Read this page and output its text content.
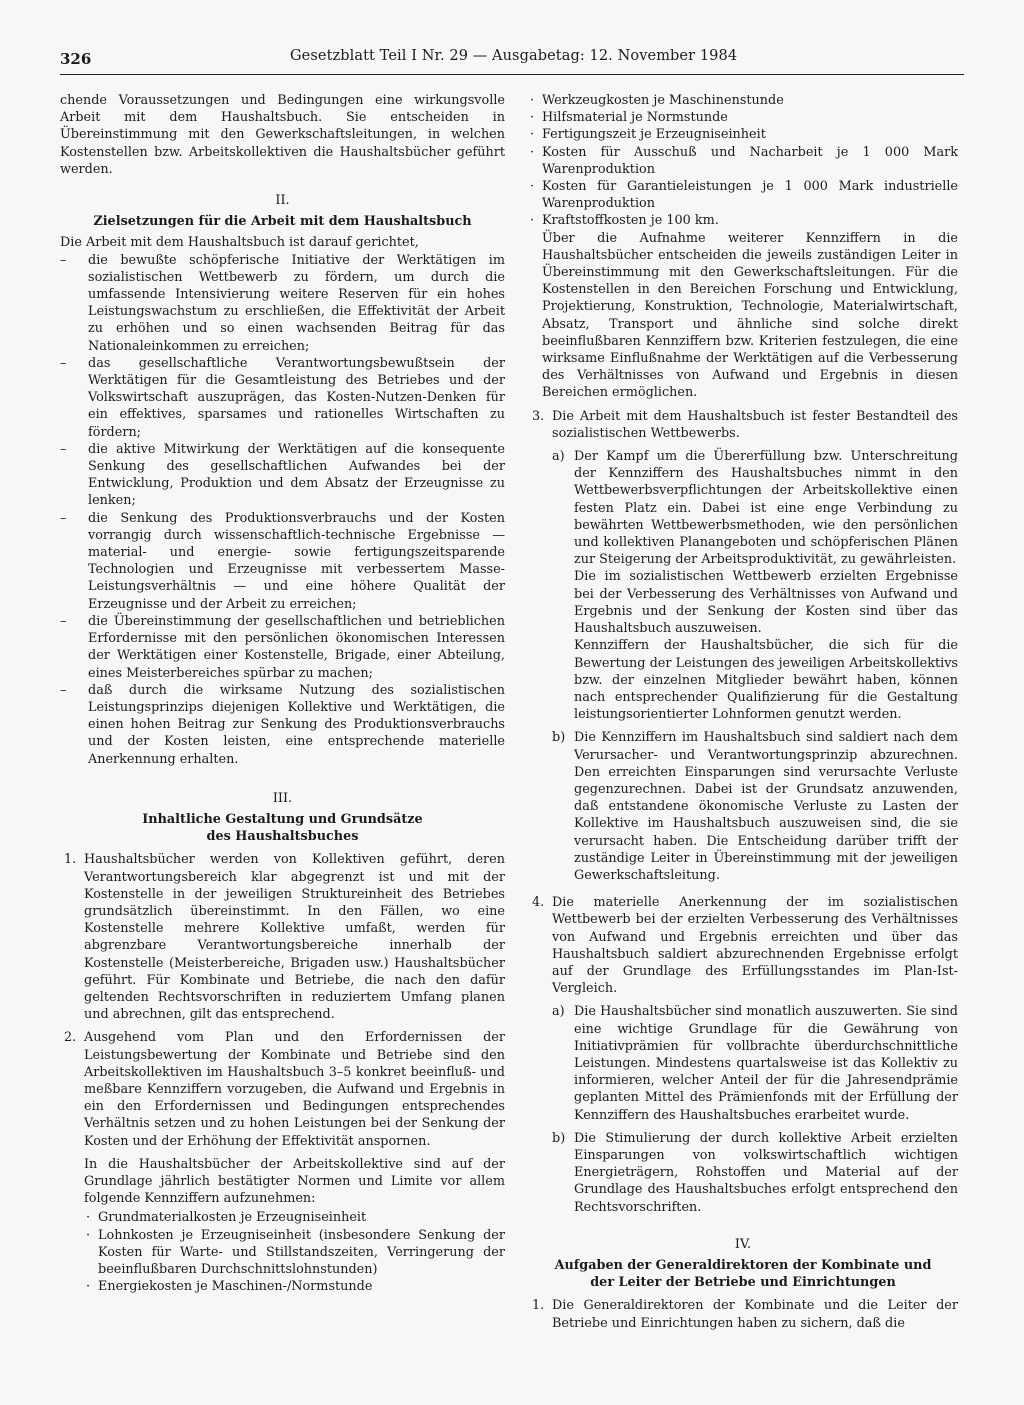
326	Gesetzblatt Teil I Nr. 29 — Ausgabetag: 12. November 1984

chende Voraussetzungen und Bedingungen eine wirkungsvolle Arbeit mit dem Haushaltsbuch. Sie entscheiden in Übereinstimmung mit den Gewerkschaftsleitungen, in welchen Kostenstellen bzw. Arbeitskollektiven die Haushaltsbücher geführt werden.

II.

Zielsetzungen für die Arbeit mit dem Haushaltsbuch

Die Arbeit mit dem Haushaltsbuch ist darauf gerichtet,

– die bewußte schöpferische Initiative der Werktätigen im sozialistischen Wettbewerb zu fördern, um durch die umfassende Intensivierung weitere Reserven für ein hohes Leistungswachstum zu erschließen, die Effektivität der Arbeit zu erhöhen und so einen wachsenden Beitrag für das Nationaleinkommen zu erreichen;
– das gesellschaftliche Verantwortungsbewußtsein der Werktätigen für die Gesamtleistung des Betriebes und der Volkswirtschaft auszuprägen, das Kosten-Nutzen-Denken für ein effektives, sparsames und rationelles Wirtschaften zu fördern;
– die aktive Mitwirkung der Werktätigen auf die konsequente Senkung des gesellschaftlichen Aufwandes bei der Entwicklung, Produktion und dem Absatz der Erzeugnisse zu lenken;
– die Senkung des Produktionsverbrauchs und der Kosten vorrangig durch wissenschaftlich-technische Ergebnisse — material- und energie- sowie fertigungszeitsparende Technologien und Erzeugnisse mit verbessertem Masse-Leistungsverhältnis — und eine höhere Qualität der Erzeugnisse und der Arbeit zu erreichen;
– die Übereinstimmung der gesellschaftlichen und betrieblichen Erfordernisse mit den persönlichen ökonomischen Interessen der Werktätigen einer Kostenstelle, Brigade, einer Abteilung, eines Meisterbereiches spürbar zu machen;
– daß durch die wirksame Nutzung des sozialistischen Leistungsprinzips diejenigen Kollektive und Werktätigen, die einen hohen Beitrag zur Senkung des Produktionsverbrauchs und der Kosten leisten, eine entsprechende materielle Anerkennung erhalten.

III.

Inhaltliche Gestaltung und Grundsätze

des Haushaltsbuches

1. Haushaltsbücher werden von Kollektiven geführt, deren Verantwortungsbereich klar abgegrenzt ist und mit der Kostenstelle in der jeweiligen Struktureinheit des Betriebes grundsätzlich übereinstimmt. In den Fällen, wo eine Kostenstelle mehrere Kollektive umfaßt, werden für abgrenzbare Verantwortungsbereiche innerhalb der Kostenstelle (Meisterbereiche, Brigaden usw.) Haushaltsbücher geführt. Für Kombinate und Betriebe, die nach den dafür geltenden Rechtsvorschriften in reduziertem Umfang planen und abrechnen, gilt das entsprechend.
2. Ausgehend vom Plan und den Erfordernissen der Leistungsbewertung der Kombinate und Betriebe sind den Arbeitskollektiven im Haushaltsbuch 3–5 konkret beeinfluß- und meßbare Kennziffern vorzugeben, die Aufwand und Ergebnis in ein den Erfordernissen und Bedingungen entsprechendes Verhältnis setzen und zu hohen Leistungen bei der Senkung der Kosten und der Erhöhung der Effektivität anspornen.

In die Haushaltsbücher der Arbeitskollektive sind auf der Grundlage jährlich bestätigter Normen und Limite vor allem folgende Kennziffern aufzunehmen:

· Grundmaterialkosten je Erzeugniseinheit
· Lohnkosten je Erzeugniseinheit (insbesondere Senkung der Kosten für Warte- und Stillstandszeiten, Verringerung der beeinflußbaren Durchschnittslohnstunden)
· Energiekosten je Maschinen-/Normstunde
· Werkzeugkosten je Maschinenstunde
· Hilfsmaterial je Normstunde
· Fertigungszeit je Erzeugniseinheit
· Kosten für Ausschuß und Nacharbeit je 1 000 Mark Warenproduktion
· Kosten für Garantieleistungen je 1 000 Mark industrielle Warenproduktion
· Kraftstoffkosten je 100 km.

Über die Aufnahme weiterer Kennziffern in die Haushaltsbücher entscheiden die jeweils zuständigen Leiter in Übereinstimmung mit den Gewerkschaftsleitungen. Für die Kostenstellen in den Bereichen Forschung und Entwicklung, Projektierung, Konstruktion, Technologie, Materialwirtschaft, Absatz, Transport und ähnliche sind solche direkt beeinflußbaren Kennziffern bzw. Kriterien festzulegen, die eine wirksame Einflußnahme der Werktätigen auf die Verbesserung des Verhältnisses von Aufwand und Ergebnis in diesen Bereichen ermöglichen.

3. Die Arbeit mit dem Haushaltsbuch ist fester Bestandteil des sozialistischen Wettbewerbs.

a) Der Kampf um die Übererfüllung bzw. Unterschreitung der Kennziffern des Haushaltsbuches nimmt in den Wettbewerbsverpflichtungen der Arbeitskollektive einen festen Platz ein. Dabei ist eine enge Verbindung zu bewährten Wettbewerbsmethoden, wie den persönlichen und kollektiven Planangeboten und schöpferischen Plänen zur Steigerung der Arbeitsproduktivität, zu gewährleisten.

Die im sozialistischen Wettbewerb erzielten Ergebnisse bei der Verbesserung des Verhältnisses von Aufwand und Ergebnis und der Senkung der Kosten sind über das Haushaltsbuch auszuweisen.

Kennziffern der Haushaltsbücher, die sich für die Bewertung der Leistungen des jeweiligen Arbeitskollektivs bzw. der einzelnen Mitglieder bewährt haben, können nach entsprechender Qualifizierung für die Gestaltung leistungsorientierter Lohnformen genutzt werden.

b) Die Kennziffern im Haushaltsbuch sind saldiert nach dem Verursacher- und Verantwortungsprinzip abzurechnen. Den erreichten Einsparungen sind verursachte Verluste gegenzurechnen. Dabei ist der Grundsatz anzuwenden, daß entstandene ökonomische Verluste zu Lasten der Kollektive im Haushaltsbuch auszuweisen sind, die sie verursacht haben. Die Entscheidung darüber trifft der zuständige Leiter in Übereinstimmung mit der jeweiligen Gewerkschaftsleitung.

4. Die materielle Anerkennung der im sozialistischen Wettbewerb bei der erzielten Verbesserung des Verhältnisses von Aufwand und Ergebnis erreichten und über das Haushaltsbuch saldiert abzurechnenden Ergebnisse erfolgt auf der Grundlage des Erfüllungsstandes im Plan-Ist-Vergleich.

a) Die Haushaltsbücher sind monatlich auszuwerten. Sie sind eine wichtige Grundlage für die Gewährung von Initiativprämien für vollbrachte überdurchschnittliche Leistungen. Mindestens quartalsweise ist das Kollektiv zu informieren, welcher Anteil der für die Jahresendprämie geplanten Mittel des Prämienfonds mit der Erfüllung der Kennziffern des Haushaltsbuches erarbeitet wurde.

b) Die Stimulierung der durch kollektive Arbeit erzielten Einsparungen von volkswirtschaftlich wichtigen Energieträgern, Rohstoffen und Material auf der Grundlage des Haushaltsbuches erfolgt entsprechend den Rechtsvorschriften.

IV.

Aufgaben der Generaldirektoren der Kombinate und

der Leiter der Betriebe und Einrichtungen

1. Die Generaldirektoren der Kombinate und die Leiter der Betriebe und Einrichtungen haben zu sichern, daß die
